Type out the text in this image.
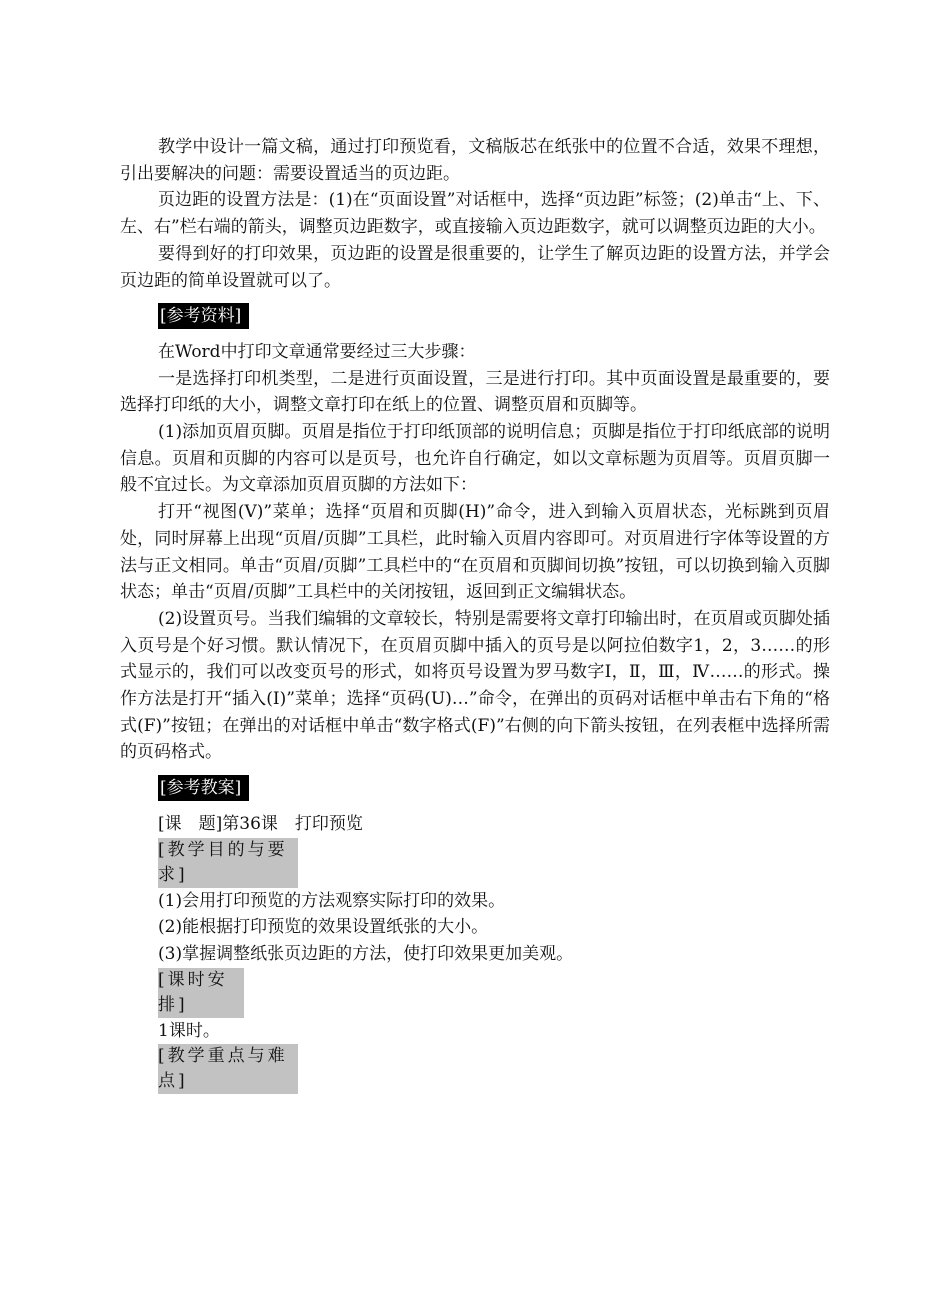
教学中设计一篇文稿，通过打印预览看，文稿版芯在纸张中的位置不合适，效果不理想，引出要解决的问题：需要设置适当的页边距。

页边距的设置方法是：(1)在“页面设置”对话框中，选择“页边距”标签；(2)单击“上、下、左、右”栏右端的箭头，调整页边距数字，或直接输入页边距数字，就可以调整页边距的大小。

要得到好的打印效果，页边距的设置是很重要的，让学生了解页边距的设置方法，并学会页边距的简单设置就可以了。

[参考资料]

在Word中打印文章通常要经过三大步骤：

一是选择打印机类型，二是进行页面设置，三是进行打印。其中页面设置是最重要的，要选择打印纸的大小，调整文章打印在纸上的位置、调整页眉和页脚等。

(1)添加页眉页脚。页眉是指位于打印纸顶部的说明信息；页脚是指位于打印纸底部的说明信息。页眉和页脚的内容可以是页号，也允许自行确定，如以文章标题为页眉等。页眉页脚一般不宜过长。为文章添加页眉页脚的方法如下：

打开“视图(V)”菜单；选择“页眉和页脚(H)”命令，进入到输入页眉状态，光标跳到页眉处，同时屏幕上出现“页眉/页脚”工具栏，此时输入页眉内容即可。对页眉进行字体等设置的方法与正文相同。单击“页眉/页脚”工具栏中的“在页眉和页脚间切换”按钮，可以切换到输入页脚状态；单击“页眉/页脚”工具栏中的关闭按钮，返回到正文编辑状态。

(2)设置页号。当我们编辑的文章较长，特别是需要将文章打印输出时，在页眉或页脚处插入页号是个好习惯。默认情况下，在页眉页脚中插入的页号是以阿拉伯数字1，2，3……的形式显示的，我们可以改变页号的形式，如将页号设置为罗马数字Ⅰ，Ⅱ，Ⅲ，Ⅳ……的形式。操作方法是打开“插入(I)”菜单；选择“页码(U)…”命令，在弹出的页码对话框中单击右下角的“格式(F)”按钮；在弹出的对话框中单击“数字格式(F)”右侧的向下箭头按钮，在列表框中选择所需的页码格式。

[参考教案]

[课　题]第36课　打印预览

[教学目的与要求]

(1)会用打印预览的方法观察实际打印的效果。

(2)能根据打印预览的效果设置纸张的大小。

(3)掌握调整纸张页边距的方法，使打印效果更加美观。

[课时安排]

1课时。

[教学重点与难点]
